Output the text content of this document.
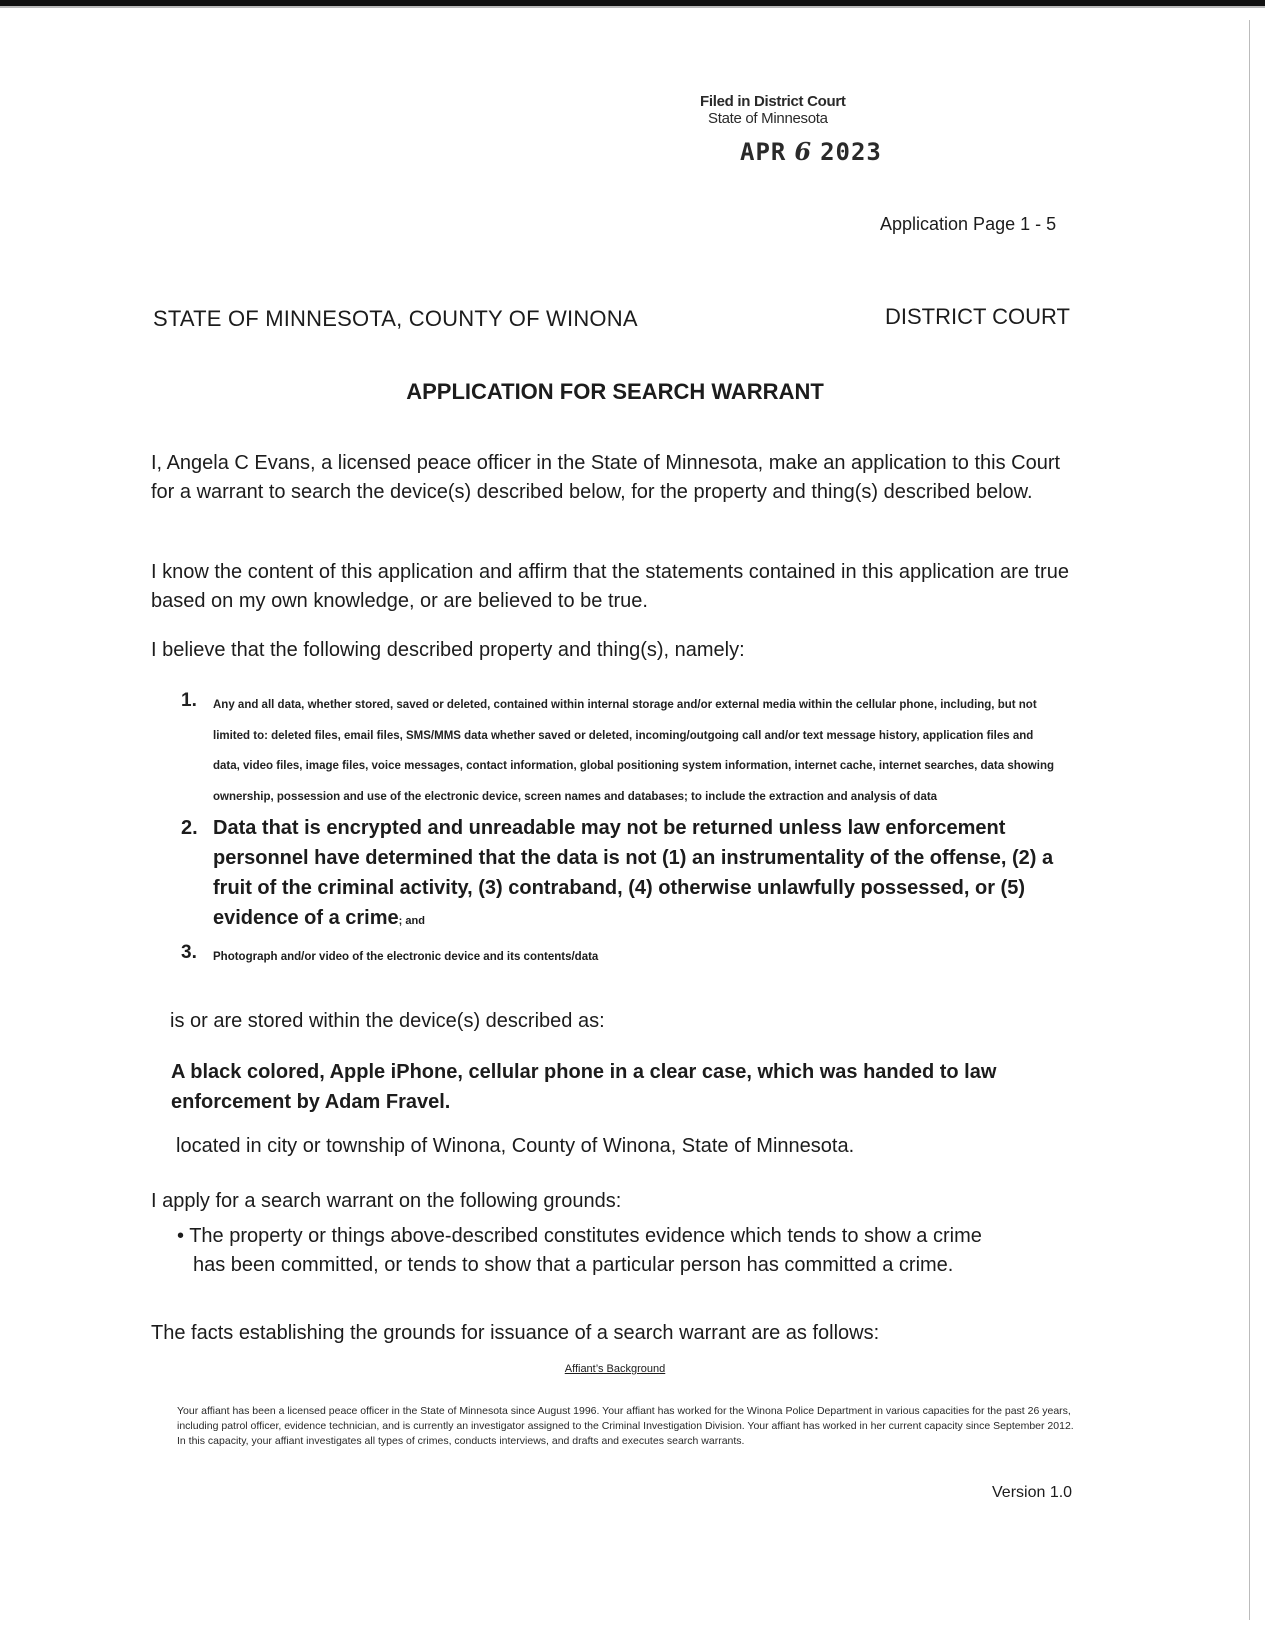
Filed in District Court
State of Minnesota
APR 6 2023
Application Page 1 - 5
STATE OF MINNESOTA, COUNTY OF WINONA	DISTRICT COURT
APPLICATION FOR SEARCH WARRANT

I, Angela C Evans, a licensed peace officer in the State of Minnesota, make an application to this Court for a warrant to search the device(s) described below, for the property and thing(s) described below.

I know the content of this application and affirm that the statements contained in this application are true based on my own knowledge, or are believed to be true.

I believe that the following described property and thing(s), namely:

1. Any and all data, whether stored, saved or deleted, contained within internal storage and/or external media within the cellular phone, including, but not limited to: deleted files, email files, SMS/MMS data whether saved or deleted, incoming/outgoing call and/or text message history, application files and data, video files, image files, voice messages, contact information, global positioning system information, internet cache, internet searches, data showing ownership, possession and use of the electronic device, screen names and databases; to include the extraction and analysis of data
2. Data that is encrypted and unreadable may not be returned unless law enforcement personnel have determined that the data is not (1) an instrumentality of the offense, (2) a fruit of the criminal activity, (3) contraband, (4) otherwise unlawfully possessed, or (5) evidence of a crime; and
3. Photograph and/or video of the electronic device and its contents/data
is or are stored within the device(s) described as:
A black colored, Apple iPhone, cellular phone in a clear case, which was handed to law enforcement by Adam Fravel.
located in city or township of Winona, County of Winona, State of Minnesota.
I apply for a search warrant on the following grounds:
• The property or things above-described constitutes evidence which tends to show a crime
has been committed, or tends to show that a particular person has committed a crime.
The facts establishing the grounds for issuance of a search warrant are as follows:
Affiant’s Background
Your affiant has been a licensed peace officer in the State of Minnesota since August 1996. Your affiant has worked for the Winona Police Department in various capacities for the past 26 years, including patrol officer, evidence technician, and is currently an investigator assigned to the Criminal Investigation Division. Your affiant has worked in her current capacity since September 2012. In this capacity, your affiant investigates all types of crimes, conducts interviews, and drafts and executes search warrants.
Version 1.0
